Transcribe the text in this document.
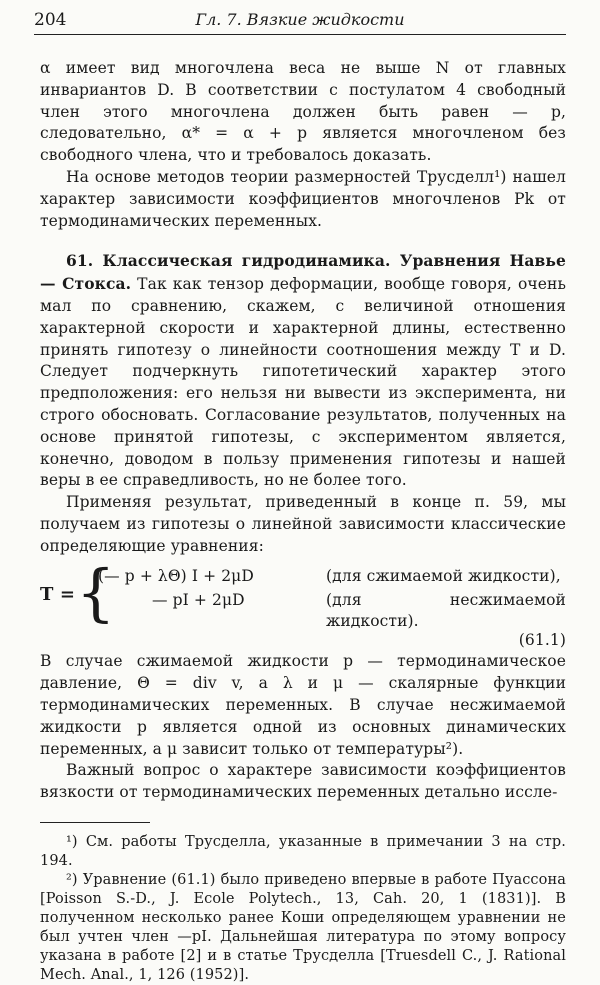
204	Гл. 7. Вязкие жидкости

α имеет вид многочлена веса не выше N от главных инвариантов D. В соответствии с постулатом 4 свободный член этого многочлена должен быть равен — p, следовательно, α* = α + p является многочленом без свободного члена, что и требовалось доказать.

На основе методов теории размерностей Трусделл¹) нашел характер зависимости коэффициентов многочленов Pk от термодинамических переменных.

61. Классическая гидродинамика. Уравнения Навье — Стокса. Так как тензор деформации, вообще говоря, очень мал по сравнению, скажем, с величиной отношения характерной скорости и характерной длины, естественно принять гипотезу о линейности соотношения между T и D. Следует подчеркнуть гипотетический характер этого предположения: его нельзя ни вывести из эксперимента, ни строго обосновать. Согласование результатов, полученных на основе принятой гипотезы, с экспериментом является, конечно, доводом в пользу применения гипотезы и нашей веры в ее справедливость, но не более того.

Применяя результат, приведенный в конце п. 59, мы получаем из гипотезы о линейной зависимости классические определяющие уравнения:

T = {
(— p + λΘ) I + 2μD
— pI + 2μD
(для сжимаемой жидкости),
(для несжимаемой жидкости).
(61.1)

В случае сжимаемой жидкости p — термодинамическое давление, Θ = div v, а λ и μ — скалярные функции термодинамических переменных. В случае несжимаемой жидкости p является одной из основных динамических переменных, а μ зависит только от температуры²).

Важный вопрос о характере зависимости коэффициентов вязкости от термодинамических переменных детально иссле-

¹) См. работы Трусделла, указанные в примечании 3 на стр. 194.

²) Уравнение (61.1) было приведено впервые в работе Пуассона [Poisson S.-D., J. Ecole Polytech., 13, Cah. 20, 1 (1831)]. В полученном несколько ранее Коши определяющем уравнении не был учтен член —pI. Дальнейшая литература по этому вопросу указана в работе [2] и в статье Трусделла [Truesdell C., J. Rational Mech. Anal., 1, 126 (1952)].
